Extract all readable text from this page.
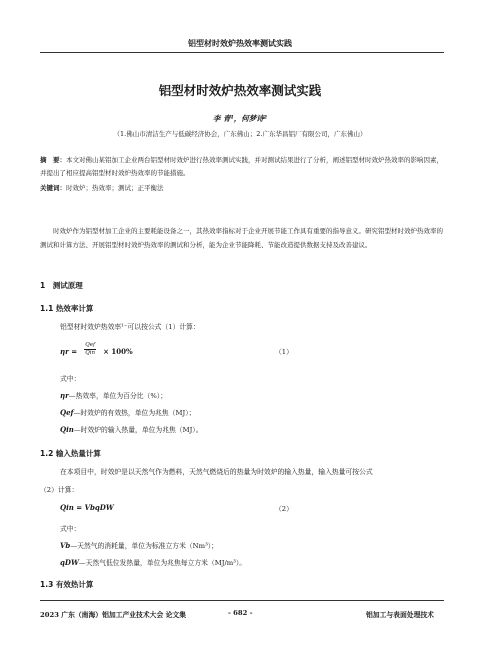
铝型材时效炉热效率测试实践
铝型材时效炉热效率测试实践
李 青¹，何梦诗²
（1.佛山市清洁生产与低碳经济协会，广东佛山；2.广东华昌铝厂有限公司，广东佛山）
摘　要：本文对佛山某铝加工企业两台铝型材时效炉进行热效率测试实践，并对测试结果进行了分析，阐述铝型材时效炉热效率的影响因素，并提出了相应提高铝型材时效炉热效率的节能措施。
关键词：时效炉；热效率；测试；正平衡法
时效炉作为铝型材加工企业的主要耗能设备之一，其热效率指标对于企业开展节能工作具有重要的指导意义。研究铝型材时效炉热效率的测试和计算方法、开展铝型材时效炉热效率的测试和分析，能为企业节能降耗、节能改造提供数据支持及改善建议。
1　测试原理
1.1 热效率计算
铝型材时效炉热效率¹⁻可以按公式（1）计算：
$\eta r = \frac{\text{Qef}}{\text{Qin}} \times 100\%$	（1）
式中：
ηr—热效率，单位为百分比（%）；
Qef—时效炉的有效热，单位为兆焦（MJ）；
Qin—时效炉的输入热量，单位为兆焦（MJ）。
1.2 输入热量计算
在本项目中，时效炉是以天然气作为燃料，天然气燃烧后的热量为时效炉的输入热量，输入热量可按公式
（2）计算：
Qin = VbqDW	（2）
式中：
Vb—天然气的消耗量，单位为标准立方米（Nm³）；
qDW—天然气低位发热量，单位为兆焦每立方米（MJ/m³）。
1.3 有效热计算
2023 广东（南海）铝加工产业技术大会 论文集	- 682 -	铝加工与表面处理技术
